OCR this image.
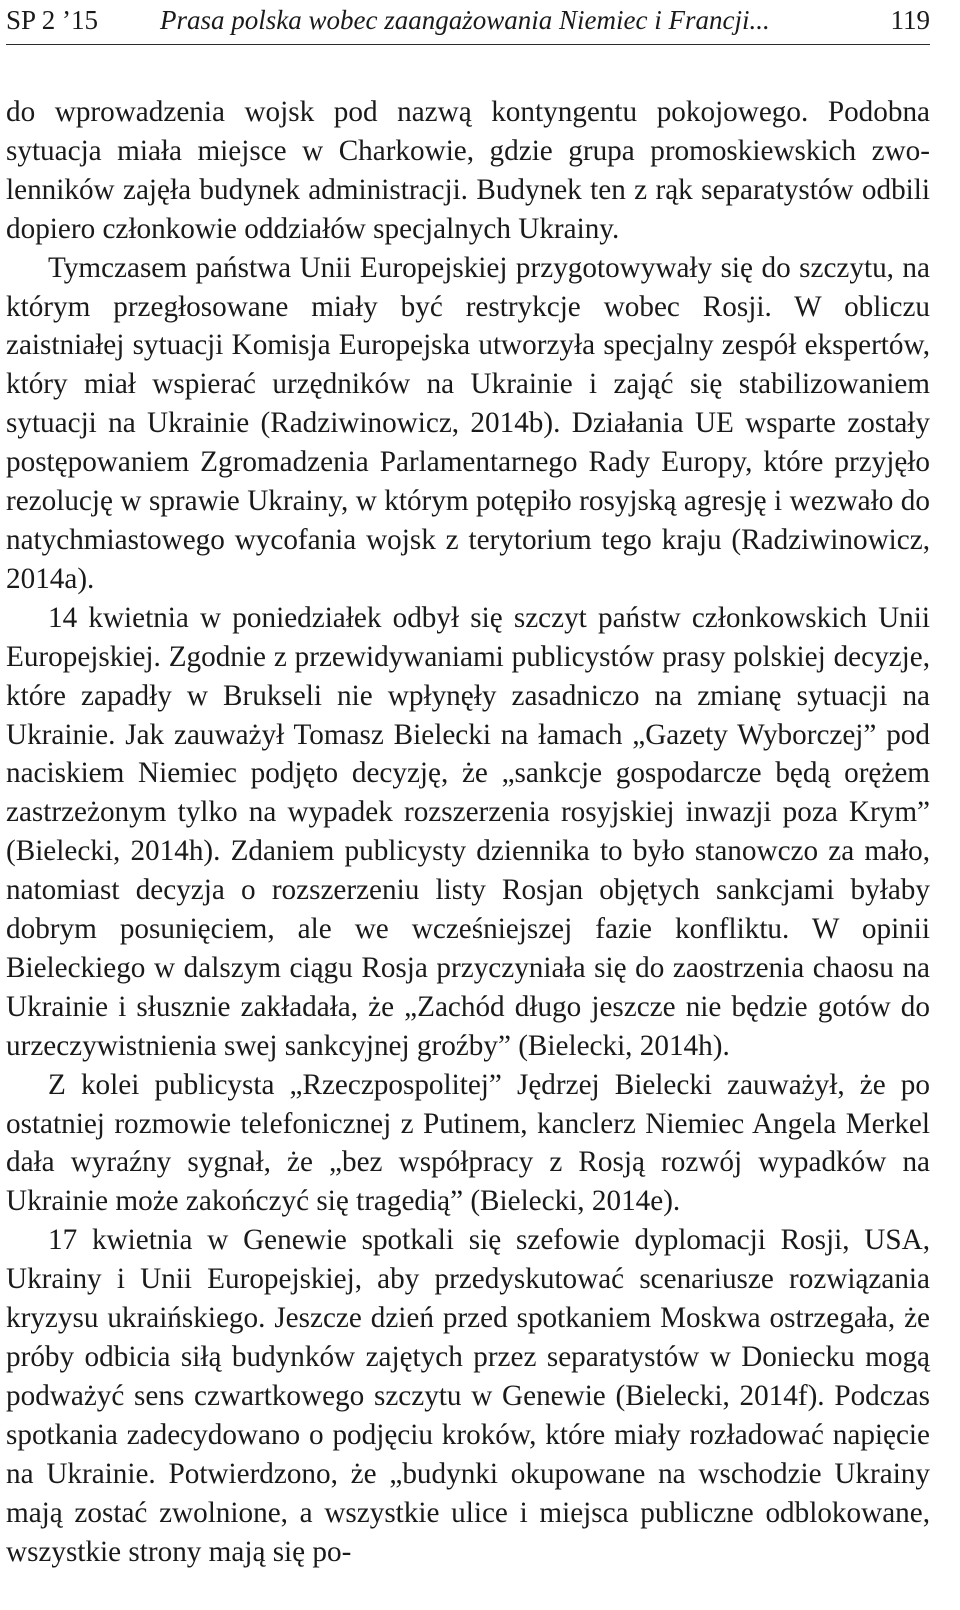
SP 2 ’15 Prasa polska wobec zaangażowania Niemiec i Francji...	119

do wprowadzenia wojsk pod nazwą kontyngentu pokojowego. Podobna sytuacja miała miejsce w Charkowie, gdzie grupa promoskiewskich zwolenników zajęła budynek administracji. Budynek ten z rąk separatystów odbili dopiero członkowie oddziałów specjalnych Ukrainy.

Tymczasem państwa Unii Europejskiej przygotowywały się do szczytu, na którym przegłosowane miały być restrykcje wobec Rosji. W obliczu zaistniałej sytuacji Komisja Europejska utworzyła specjalny zespół ekspertów, który miał wspierać urzędników na Ukrainie i zająć się stabilizowaniem sytuacji na Ukrainie (Radziwinowicz, 2014b). Działania UE wsparte zostały postępowaniem Zgromadzenia Parlamentarnego Rady Europy, które przyjęło rezolucję w sprawie Ukrainy, w którym potępiło rosyjską agresję i wezwało do natychmiastowego wycofania wojsk z terytorium tego kraju (Radziwinowicz, 2014a).

14 kwietnia w poniedziałek odbył się szczyt państw członkowskich Unii Europejskiej. Zgodnie z przewidywaniami publicystów prasy polskiej decyzje, które zapadły w Brukseli nie wpłynęły zasadniczo na zmianę sytuacji na Ukrainie. Jak zauważył Tomasz Bielecki na łamach „Gazety Wyborczej” pod naciskiem Niemiec podjęto decyzję, że „sankcje gospodarcze będą orężem zastrzeżonym tylko na wypadek rozszerzenia rosyjskiej inwazji poza Krym” (Bielecki, 2014h). Zdaniem publicysty dziennika to było stanowczo za mało, natomiast decyzja o rozszerzeniu listy Rosjan objętych sankcjami byłaby dobrym posunięciem, ale we wcześniejszej fazie konfliktu. W opinii Bieleckiego w dalszym ciągu Rosja przyczyniała się do zaostrzenia chaosu na Ukrainie i słusznie zakładała, że „Zachód długo jeszcze nie będzie gotów do urzeczywistnienia swej sankcyjnej groźby” (Bielecki, 2014h).

Z kolei publicysta „Rzeczpospolitej” Jędrzej Bielecki zauważył, że po ostatniej rozmowie telefonicznej z Putinem, kanclerz Niemiec Angela Merkel dała wyraźny sygnał, że „bez współpracy z Rosją rozwój wypadków na Ukrainie może zakończyć się tragedią” (Bielecki, 2014e).

17 kwietnia w Genewie spotkali się szefowie dyplomacji Rosji, USA, Ukrainy i Unii Europejskiej, aby przedyskutować scenariusze rozwiązania kryzysu ukraińskiego. Jeszcze dzień przed spotkaniem Moskwa ostrzegała, że próby odbicia siłą budynków zajętych przez separatystów w Doniecku mogą podważyć sens czwartkowego szczytu w Genewie (Bielecki, 2014f). Podczas spotkania zadecydowano o podjęciu kroków, które miały rozładować napięcie na Ukrainie. Potwierdzono, że „budynki okupowane na wschodzie Ukrainy mają zostać zwolnione, a wszystkie ulice i miejsca publiczne odblokowane, wszystkie strony mają się po-
